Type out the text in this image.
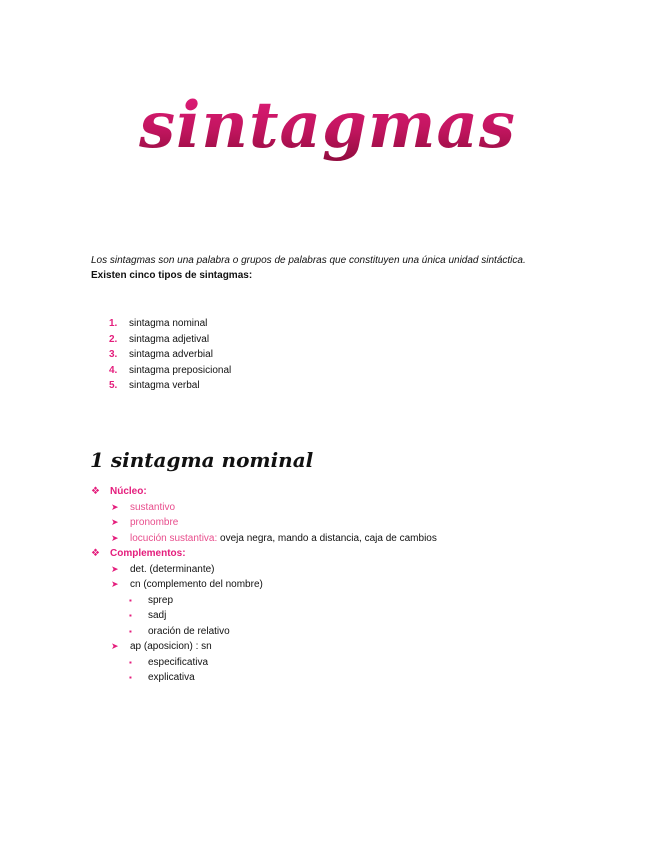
sintagmas
Los sintagmas son una palabra o grupos de palabras que constituyen una única unidad sintáctica.
Existen cinco tipos de sintagmas:
1.	sintagma nominal
2.	sintagma adjetival
3.	sintagma adverbial
4.	sintagma preposicional
5.	sintagma verbal
1 sintagma nominal
❖	Núcleo:
➤	sustantivo
➤	pronombre
➤	locución sustantiva: oveja negra, mando a distancia, caja de cambios
❖	Complementos:
➤	det. (determinante)
➤	cn (complemento del nombre)
▪	sprep
▪	sadj
▪	oración de relativo
➤	ap (aposicion) : sn
▪	especificativa
▪	explicativa
